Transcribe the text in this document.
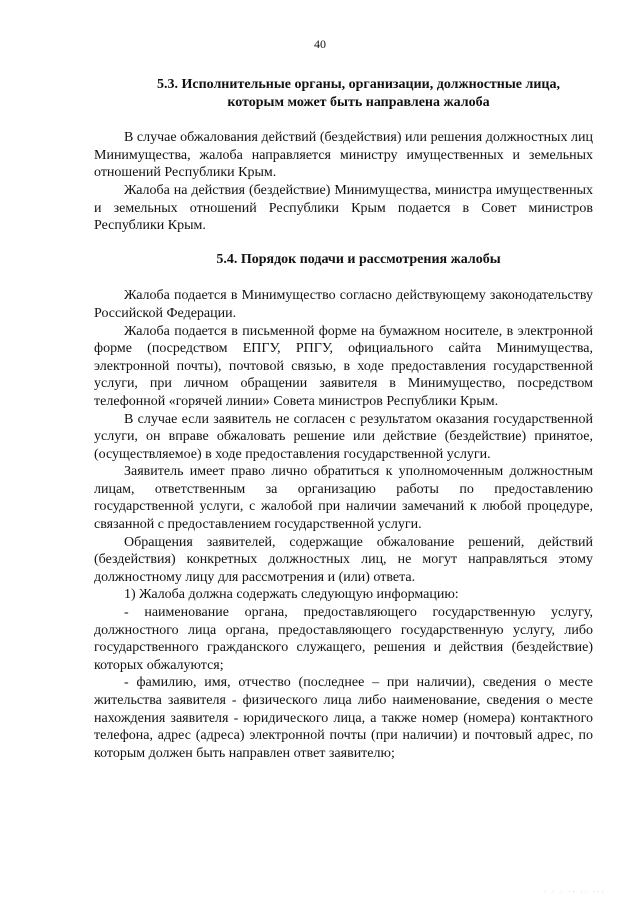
40
5.3. Исполнительные органы, организации, должностные лица,
которым может быть направлена жалоба

В случае обжалования действий (бездействия) или решения должностных лиц Минимущества, жалоба направляется министру имущественных и земельных отношений Республики Крым.

Жалоба на действия (бездействие) Минимущества, министра имущественных и земельных отношений Республики Крым подается в Совет министров Республики Крым.

5.4. Порядок подачи и рассмотрения жалобы

Жалоба подается в Минимущество согласно действующему законодательству Российской Федерации.

Жалоба подается в письменной форме на бумажном носителе, в электронной форме (посредством ЕПГУ, РПГУ, официального сайта Минимущества, электронной почты), почтовой связью, в ходе предоставления государственной услуги, при личном обращении заявителя в Минимущество, посредством телефонной «горячей линии» Совета министров Республики Крым.

В случае если заявитель не согласен с результатом оказания государственной услуги, он вправе обжаловать решение или действие (бездействие) принятое, (осуществляемое) в ходе предоставления государственной услуги.

Заявитель имеет право лично обратиться к уполномоченным должностным лицам, ответственным за организацию работы по предоставлению государственной услуги, с жалобой при наличии замечаний к любой процедуре, связанной с предоставлением государственной услуги.

Обращения заявителей, содержащие обжалование решений, действий (бездействия) конкретных должностных лиц, не могут направляться этому должностному лицу для рассмотрения и (или) ответа.

1) Жалоба должна содержать следующую информацию:

- наименование органа, предоставляющего государственную услугу, должностного лица органа, предоставляющего государственную услугу, либо государственного гражданского служащего, решения и действия (бездействие) которых обжалуются;

- фамилию, имя, отчество (последнее – при наличии), сведения о месте жительства заявителя - физического лица либо наименование, сведения о месте нахождения заявителя - юридического лица, а также номер (номера) контактного телефона, адрес (адреса) электронной почты (при наличии) и почтовый адрес, по которым должен быть направлен ответ заявителю;

· · · ·· ·· ···
